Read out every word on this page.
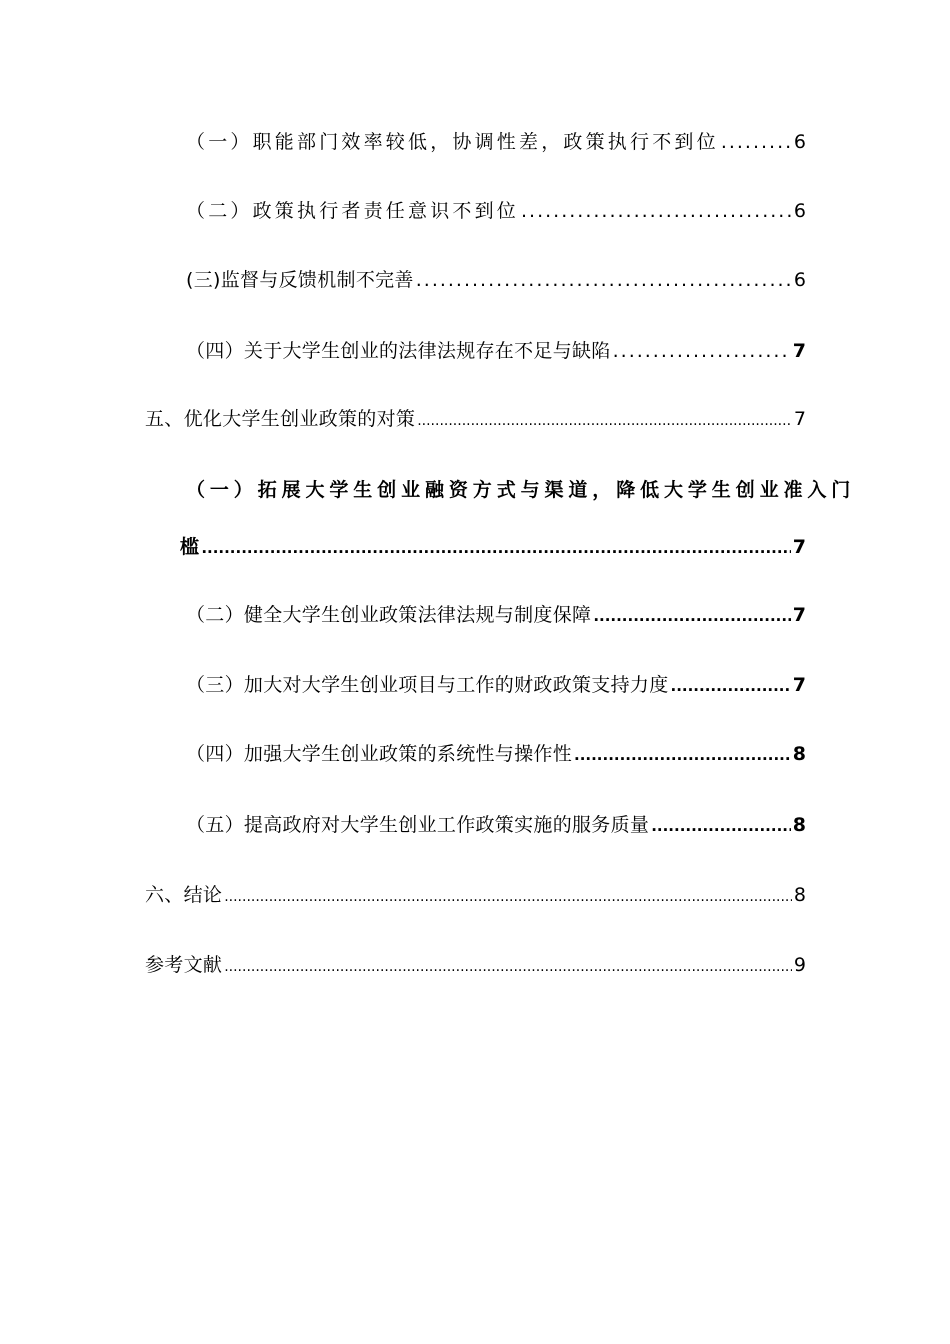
（一）职能部门效率较低，协调性差，政策执行不到位 .....	6
（二）政策执行者责任意识不到位 .....	6
(三)监督与反馈机制不完善 .....	6
（四）关于大学生创业的法律法规存在不足与缺陷 .....	7
五、优化大学生创业政策的对策 .....	7
（一）拓展大学生创业融资方式与渠道，降低大学生创业准入门
槛 .....	7
（二）健全大学生创业政策法律法规与制度保障 .....	7
（三）加大对大学生创业项目与工作的财政政策支持力度 .....	7
（四）加强大学生创业政策的系统性与操作性 .....	8
（五）提高政府对大学生创业工作政策实施的服务质量 .....	8
六、结论 .....	8
参考文献 .....	9
